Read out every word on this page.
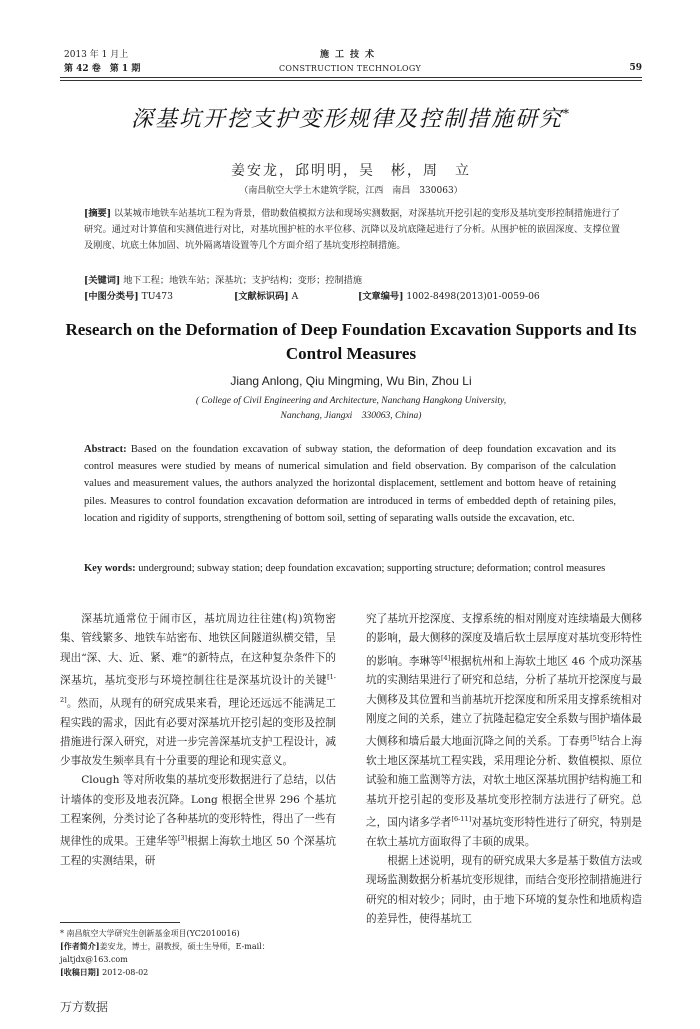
2013 年 1 月上
第 42 卷　第 1 期
施工技术
CONSTRUCTION TECHNOLOGY	59
深基坑开挖支护变形规律及控制措施研究*
姜安龙，邱明明，吴　彬，周　立
（南昌航空大学土木建筑学院，江西　南昌　330063）
[摘要] 以某城市地铁车站基坑工程为背景，借助数值模拟方法和现场实测数据，对深基坑开挖引起的变形及基坑变形控制措施进行了研究。通过对计算值和实测值进行对比，对基坑围护桩的水平位移、沉降以及坑底隆起进行了分析。从围护桩的嵌固深度、支撑位置及刚度、坑底土体加固、坑外隔离墙设置等几个方面介绍了基坑变形控制措施。
[关键词] 地下工程；地铁车站；深基坑；支护结构；变形；控制措施
[中图分类号] TU473	[文献标识码] A	[文章编号] 1002-8498(2013)01-0059-06
Research on the Deformation of Deep Foundation Excavation Supports and Its Control Measures
Jiang Anlong, Qiu Mingming, Wu Bin, Zhou Li
( College of Civil Engineering and Architecture, Nanchang Hangkong University,
Nanchang, Jiangxi　330063, China)
Abstract: Based on the foundation excavation of subway station, the deformation of deep foundation excavation and its control measures were studied by means of numerical simulation and field observation. By comparison of the calculation values and measurement values, the authors analyzed the horizontal displacement, settlement and bottom heave of retaining piles. Measures to control foundation excavation deformation are introduced in terms of embedded depth of retaining piles, location and rigidity of supports, strengthening of bottom soil, setting of separating walls outside the excavation, etc.
Key words: underground; subway station; deep foundation excavation; supporting structure; deformation; control measures

深基坑通常位于闹市区，基坑周边往往建(构)筑物密集、管线繁多、地铁车站密布、地铁区间隧道纵横交错，呈现出“深、大、近、紧、难”的新特点，在这种复杂条件下的深基坑，基坑变形与环境控制往往是深基坑设计的关键[1-2]。然而，从现有的研究成果来看，理论还远远不能满足工程实践的需求，因此有必要对深基坑开挖引起的变形及控制措施进行深入研究，对进一步完善深基坑支护工程设计，减少事故发生频率具有十分重要的理论和现实意义。

Clough 等对所收集的基坑变形数据进行了总结，以估计墙体的变形及地表沉降。Long 根据全世界 296 个基坑工程案例，分类讨论了各种基坑的变形特性，得出了一些有规律性的成果。王建华等[3]根据上海软土地区 50 个深基坑工程的实测结果，研

究了基坑开挖深度、支撑系统的相对刚度对连续墙最大侧移的影响，最大侧移的深度及墙后软土层厚度对基坑变形特性的影响。李琳等[4]根据杭州和上海软土地区 46 个成功深基坑的实测结果进行了研究和总结，分析了基坑开挖深度与最大侧移及其位置和当前基坑开挖深度和所采用支撑系统相对刚度之间的关系，建立了抗隆起稳定安全系数与围护墙体最大侧移和墙后最大地面沉降之间的关系。丁春勇[5]结合上海软土地区深基坑工程实践，采用理论分析、数值模拟、原位试验和施工监测等方法，对软土地区深基坑围护结构施工和基坑开挖引起的变形及基坑变形控制方法进行了研究。总之，国内诸多学者[6-11]对基坑变形特性进行了研究，特别是在软土基坑方面取得了丰硕的成果。

根据上述说明，现有的研究成果大多是基于数值方法或现场监测数据分析基坑变形规律，而结合变形控制措施进行研究的相对较少；同时，由于地下环境的复杂性和地质构造的差异性，使得基坑工

* 南昌航空大学研究生创新基金项目(YC2010016)
[作者简介]姜安龙，博士，副教授，硕士生导师，E-mail：jaltjdx@163.com
[收稿日期] 2012-08-02
万方数据
